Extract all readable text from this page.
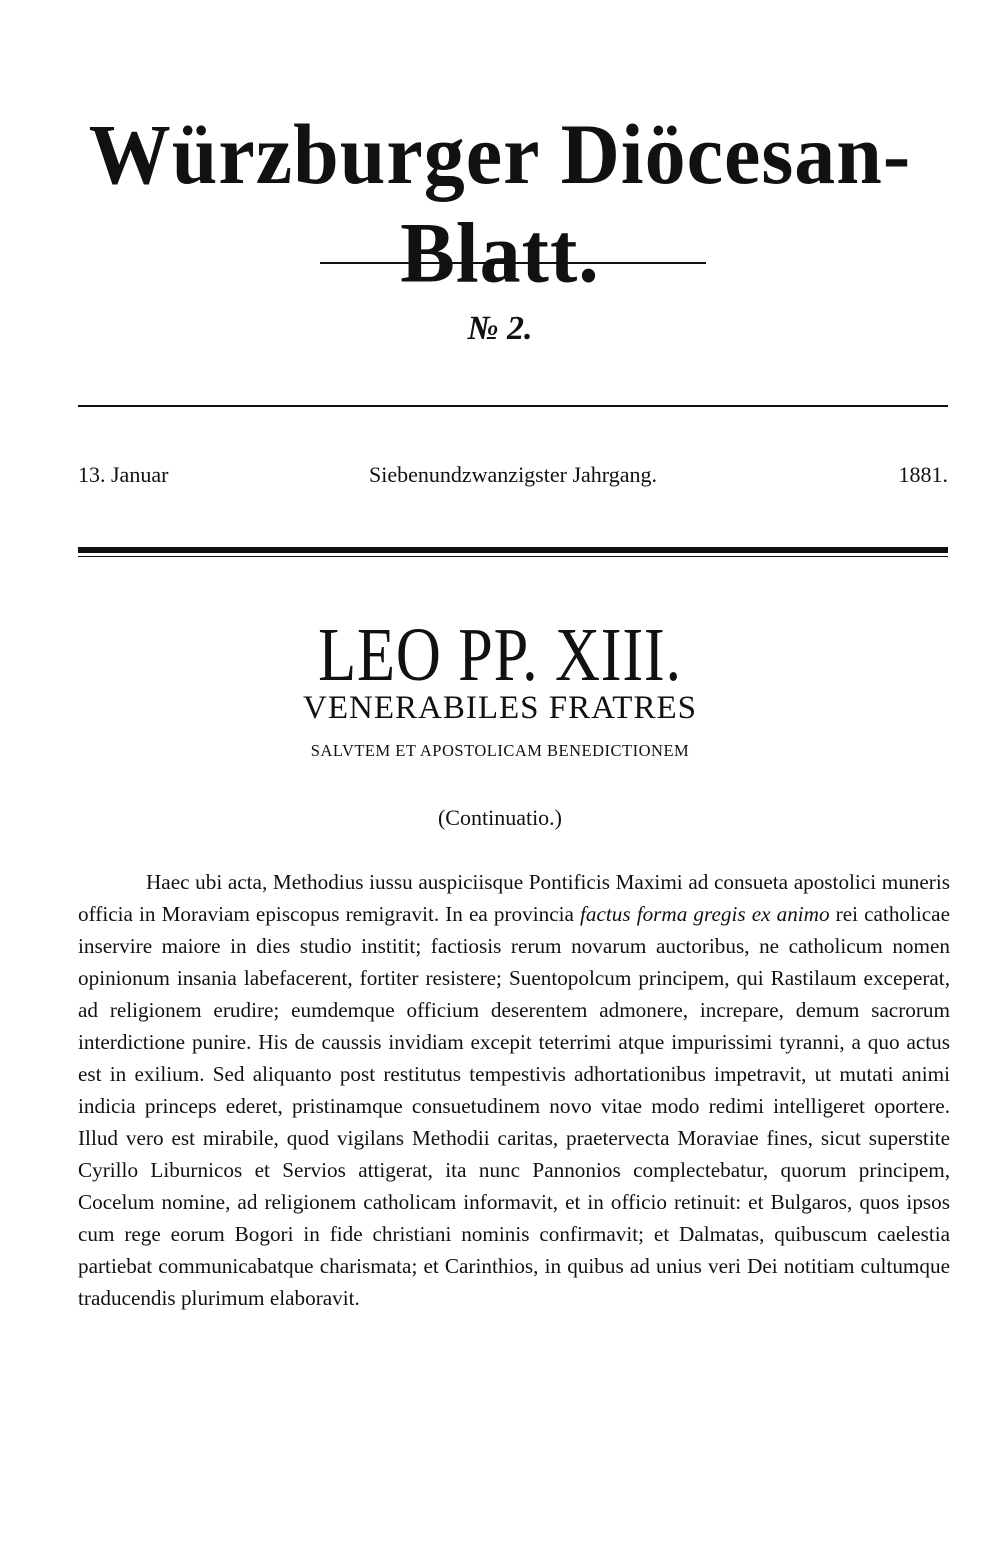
Würzburger Diöcesan-Blatt.
№ 2.
13. Januar	Siebenundzwanzigster Jahrgang.	1881.
LEO PP. XIII.
VENERABILES FRATRES
SALVTEM ET APOSTOLICAM BENEDICTIONEM
(Continuatio.)

Haec ubi acta, Methodius iussu auspiciisque Pontificis Maximi ad consueta apostolici muneris officia in Moraviam episcopus remigravit. In ea provincia factus forma gregis ex animo rei catholicae inservire maiore in dies studio institit; factiosis rerum novarum auctoribus, ne catholicum nomen opinionum insania labefacerent, fortiter resistere; Suentopolcum principem, qui Rastilaum exceperat, ad religionem erudire; eumdemque officium deserentem admonere, increpare, demum sacrorum interdictione punire. His de caussis invidiam excepit teterrimi atque impurissimi tyranni, a quo actus est in exilium. Sed aliquanto post restitutus tempestivis adhortationibus impetravit, ut mutati animi indicia princeps ederet, pristinamque consuetudinem novo vitae modo redimi intelligeret oportere. Illud vero est mirabile, quod vigilans Methodii caritas, praetervecta Moraviae fines, sicut superstite Cyrillo Liburnicos et Servios attigerat, ita nunc Pannonios complectebatur, quorum principem, Cocelum nomine, ad religionem catholicam informavit, et in officio retinuit: et Bulgaros, quos ipsos cum rege eorum Bogori in fide christiani nominis confirmavit; et Dalmatas, quibuscum caelestia partiebat communicabatque charismata; et Carinthios, in quibus ad unius veri Dei notitiam cultumque traducendis plurimum elaboravit.
